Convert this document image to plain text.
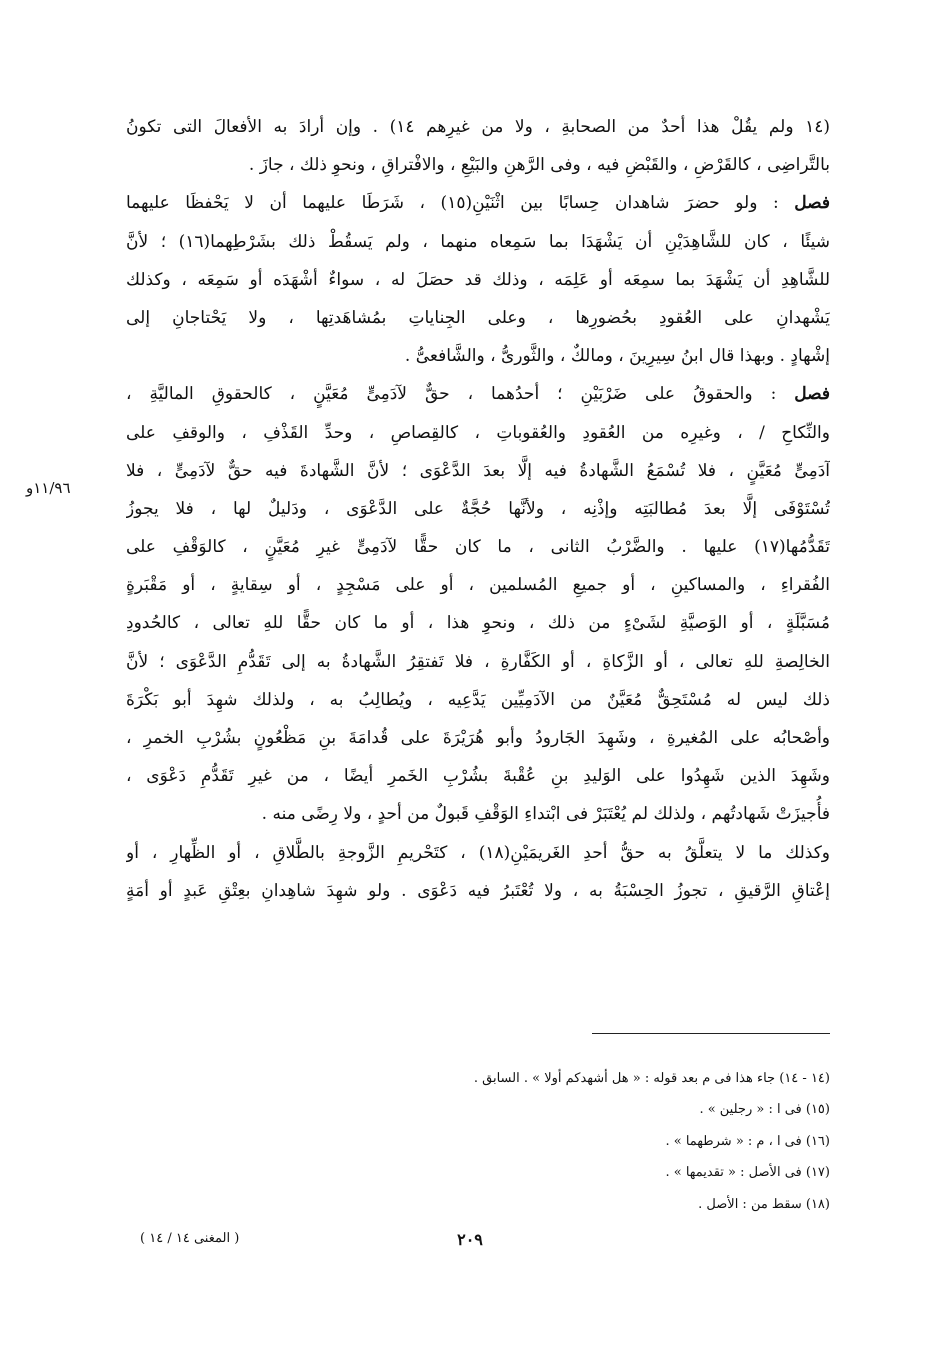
(١٤ ولم يقُلْ هذا أحدٌ من الصحابةِ ، ولا من غيرِهم ١٤) . وإن أرادَ به الأفعالَ التى تكونُ
بالتَّراضِى ، كالقَرْضِ ، والقَبْضِ فيه ، وفى الرَّهنِ والبَيْعِ ، والافْتراقِ ، ونحوِ ذلك ، جازَ .
فصل : ولو حضرَ شاهدان حِسابًا بين اثْنَيْنِ(١٥) ، شَرَطَا عليهما أن لا يَحْفظَا عليهما
شيئًا ، كان للشَّاهِدَيْنِ أن يَشْهَدَا بما سَمِعاه منهما ، ولم يَسقُطْ ذلك بشَرْطِهما(١٦) ؛ لأنَّ
للشَّاهِدِ أن يَشْهَدَ بما سمِعَه أو عَلِمَه ، وذلك قد حصَلَ له ، سواءٌ أشْهَدَه أو سَمِعَه ، وكذلك
يَشْهدانِ على العُقودِ بحُضورِها ، وعلى الجِناياتِ بمُشاهَدتِها ، ولا يَحْتاجانِ إلى
إشْهادٍ . وبهذا قال ابنُ سِيرِينَ ، ومالكٌ ، والثَّورىُّ ، والشَّافعىُّ .
فصل : والحقوقُ على ضَرْبَيْنِ ؛ أحدُهما ، حقٌّ لآدَمِىٍّ مُعَيَّنٍ ، كالحقوقِ الماليَّةِ ،
والنِّكاحِ / ، وغيرِه من العُقودِ والعُقوباتِ ، كالقِصاصِ ، وحدِّ القَذْفِ ، والوقفِ على
آدَمِىٍّ مُعَيَّنٍ ، فلا تُسْمَعُ الشَّهادةُ فيه إلَّا بعدَ الدَّعْوَى ؛ لأنَّ الشَّهادةَ فيه حقٌّ لآدَمِىٍّ ، فلا
تُسْتَوْفَى إلَّا بعدَ مُطالبَتِه وإذْنِه ، ولأنَّها حُجَّةٌ على الدَّعْوَى ، ودَليلٌ لها ، فلا يجوزُ
تَقَدُّمُها(١٧) عليها . والضَّرْبُ الثانى ، ما كان حقًّا لآدَمِىٍّ غيرِ مُعَيَّنٍ ، كالوَقْفِ على
الفُقراءِ ، والمساكينِ ، أو جميعِ المُسلمين ، أو على مَسْجِدٍ ، أو سِقايةٍ ، أو مَقْبَرةٍ
مُسَبَّلَةٍ ، أو الوَصيَّةِ لشَىْءٍ من ذلك ، ونحوِ هذا ، أو ما كان حقًّا للهِ تعالى ، كالحُدودِ
الخالِصةِ للهِ تعالى ، أو الزَّكاةِ ، أو الكَفَّارةِ ، فلا تَفتقِرُ الشَّهادةُ به إلى تَقَدُّمِ الدَّعْوَى ؛ لأنَّ
ذلك ليس له مُسْتَحِقٌّ مُعَيَّنٌ من الآدَمِيِّين يَدَّعِيه ، ويُطالِبُ به ، ولذلك شهِدَ أبو بَكْرَةَ
وأصْحابُه على المُغيرةِ ، وشَهِدَ الجَارودُ وأبو هُرَيْرَةَ على قُدامَةَ بنِ مَظْعُونٍ بشُرْبِ الخمرِ ،
وشَهِدَ الذين شَهِدُوا على الوَليدِ بنِ عُقْبةَ بشُرْبِ الخَمرِ أيضًا ، من غيرِ تَقَدُّمِ دَعْوَى ،
فأُجيزَتْ شَهادتُهم ، ولذلك لم يُعْتَبَرْ فى ابْتداءِ الوَقْفِ قَبولٌ من أحدٍ ، ولا رِضًى منه .
وكذلك ما لا يتعلَّقُ به حقُّ أحدِ الغَريمَيْنِ(١٨) ، كتَحْريمِ الزَّوجةِ بالطَّلاقِ ، أو الظِّهارِ ، أو
إعْتاقِ الرَّقيقِ ، تجوزُ الحِسْبَةُ به ، ولا تُعْتَبرُ فيه دَعْوَى . ولو شهِدَ شاهِدانِ بعِتْقِ عَبدٍ أو أمَةٍ
١١/٩٦و
(١٤ - ١٤) جاء هذا فى م بعد قوله : « هل أشهدكم أولا » . السابق .
(١٥) فى ا : « رجلين » .
(١٦) فى ا ، م : « شرطهما » .
(١٧) فى الأصل : « تقديمها » .
(١٨) سقط من : الأصل .
٢٠٩
( المغنى ١٤ / ١٤ )
